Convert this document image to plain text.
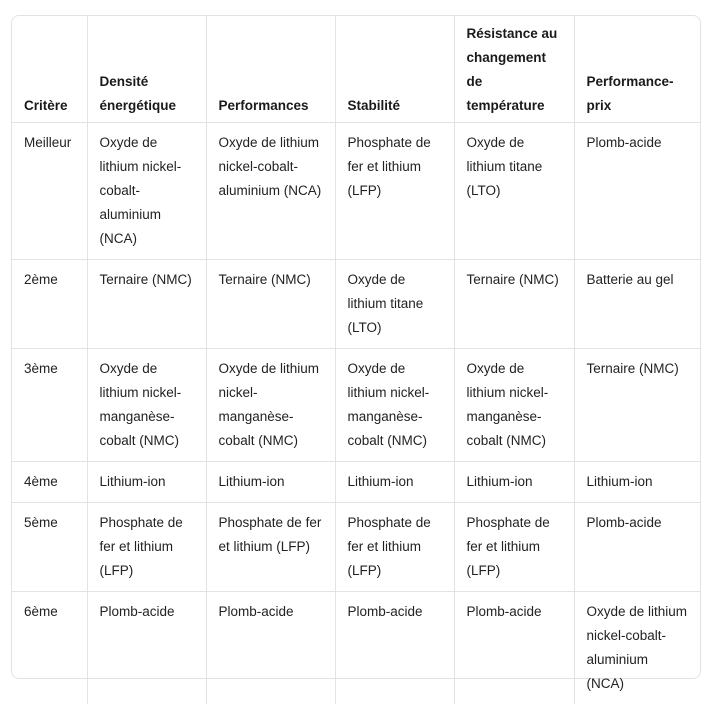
Critère	Densité énergétique	Performances	Stabilité	Résistance au changement de température	Performance-prix
Meilleur	Oxyde de lithium nickel-cobalt-aluminium (NCA)	Oxyde de lithium nickel-cobalt-aluminium (NCA)	Phosphate de fer et lithium (LFP)	Oxyde de lithium titane (LTO)	Plomb-acide
2ème	Ternaire (NMC)	Ternaire (NMC)	Oxyde de lithium titane (LTO)	Ternaire (NMC)	Batterie au gel
3ème	Oxyde de lithium nickel-manganèse-cobalt (NMC)	Oxyde de lithium nickel-manganèse-cobalt (NMC)	Oxyde de lithium nickel-manganèse-cobalt (NMC)	Oxyde de lithium nickel-manganèse-cobalt (NMC)	Ternaire (NMC)
4ème	Lithium-ion	Lithium-ion	Lithium-ion	Lithium-ion	Lithium-ion
5ème	Phosphate de fer et lithium (LFP)	Phosphate de fer et lithium (LFP)	Phosphate de fer et lithium (LFP)	Phosphate de fer et lithium (LFP)	Plomb-acide
6ème	Plomb-acide	Plomb-acide	Plomb-acide	Plomb-acide	Oxyde de lithium nickel-cobalt-aluminium (NCA)
